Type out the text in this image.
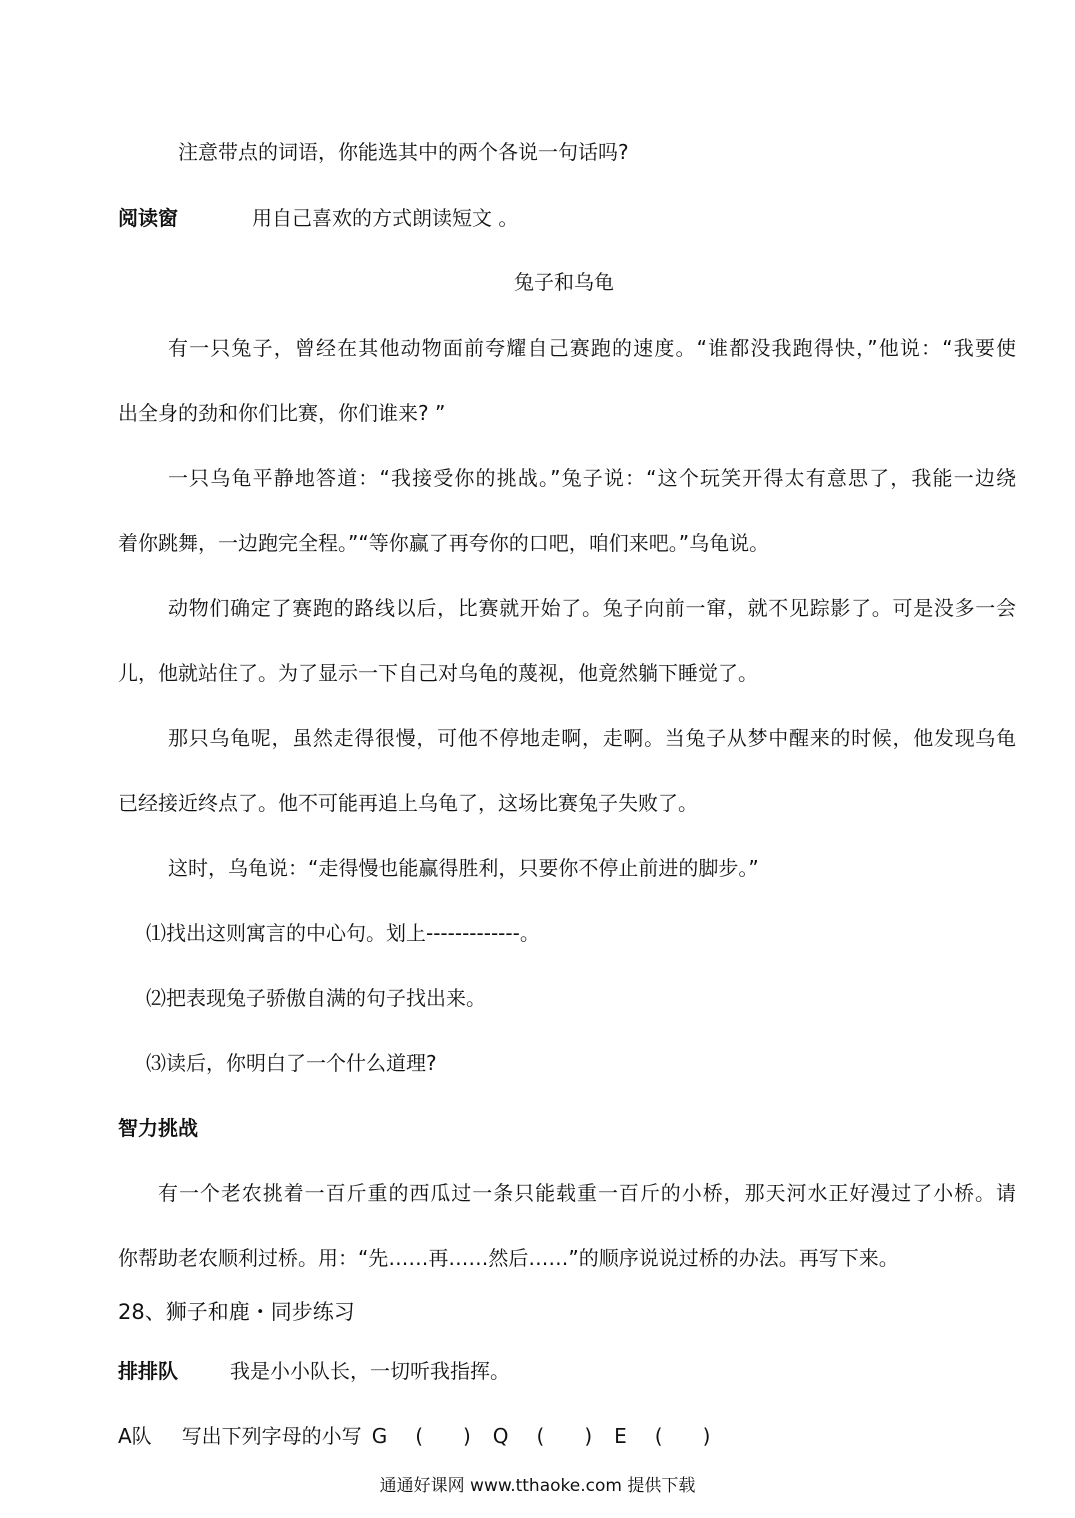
注意带点的词语，你能选其中的两个各说一句话吗?
阅读窗	用自己喜欢的方式朗读短文 。
兔子和乌龟
有一只兔子，曾经在其他动物面前夸耀自己赛跑的速度。“谁都没我跑得快，”他说：“我要使
出全身的劲和你们比赛，你们谁来? ”
一只乌龟平静地答道：“我接受你的挑战。”兔子说：“这个玩笑开得太有意思了，我能一边绕
着你跳舞，一边跑完全程。”“等你赢了再夸你的口吧，咱们来吧。”乌龟说。
动物们确定了赛跑的路线以后，比赛就开始了。兔子向前一窜，就不见踪影了。可是没多一会
儿，他就站住了。为了显示一下自己对乌龟的蔑视，他竟然躺下睡觉了。
那只乌龟呢，虽然走得很慢，可他不停地走啊，走啊。当兔子从梦中醒来的时候，他发现乌龟
已经接近终点了。他不可能再追上乌龟了，这场比赛兔子失败了。
这时，乌龟说：“走得慢也能赢得胜利，只要你不停止前进的脚步。”
⑴找出这则寓言的中心句。划上-------------。
⑵把表现兔子骄傲自满的句子找出来。
⑶读后，你明白了一个什么道理?
智力挑战
有一个老农挑着一百斤重的西瓜过一条只能载重一百斤的小桥，那天河水正好漫过了小桥。请
你帮助老农顺利过桥。用：“先……再……然后……”的顺序说说过桥的办法。再写下来。
28、狮子和鹿・同步练习
排排队	我是小小队长，一切听我指挥。
A队 写出下列字母的小写 G (　　) Q (　　) E (　　)
通通好课网 www.tthaoke.com 提供下载
